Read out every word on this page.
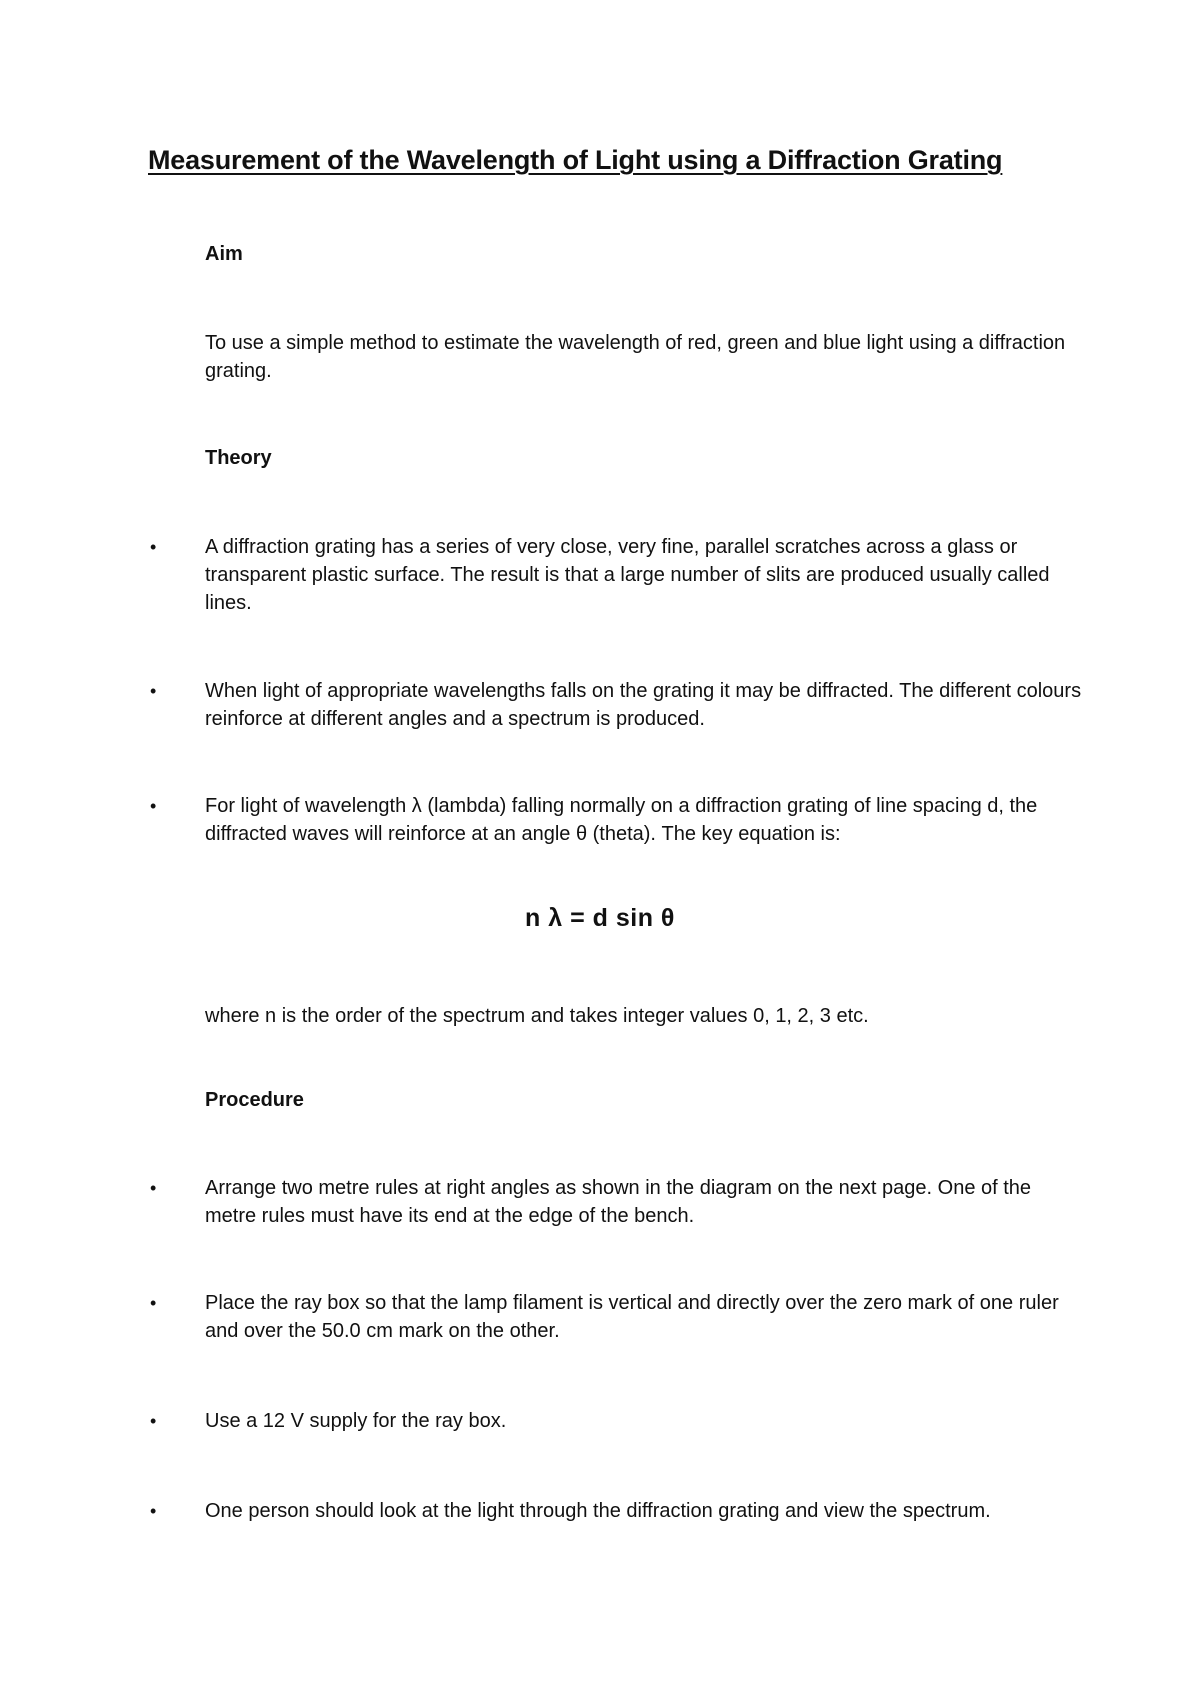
Measurement of the Wavelength of Light using a Diffraction Grating
Aim
To use a simple method to estimate the wavelength of red, green and blue light using a diffraction grating.
Theory
• A diffraction grating has a series of very close, very fine, parallel scratches across a glass or transparent plastic surface. The result is that a large number of slits are produced usually called lines.
• When light of appropriate wavelengths falls on the grating it may be diffracted. The different colours reinforce at different angles and a spectrum is produced.
• For light of wavelength λ (lambda) falling normally on a diffraction grating of line spacing d, the diffracted waves will reinforce at an angle θ (theta). The key equation is:
n λ = d sin θ
where n is the order of the spectrum and takes integer values 0, 1, 2, 3 etc.
Procedure
• Arrange two metre rules at right angles as shown in the diagram on the next page. One of the metre rules must have its end at the edge of the bench.
• Place the ray box so that the lamp filament is vertical and directly over the zero mark of one ruler and over the 50.0 cm mark on the other.
• Use a 12 V supply for the ray box.
• One person should look at the light through the diffraction grating and view the spectrum.
